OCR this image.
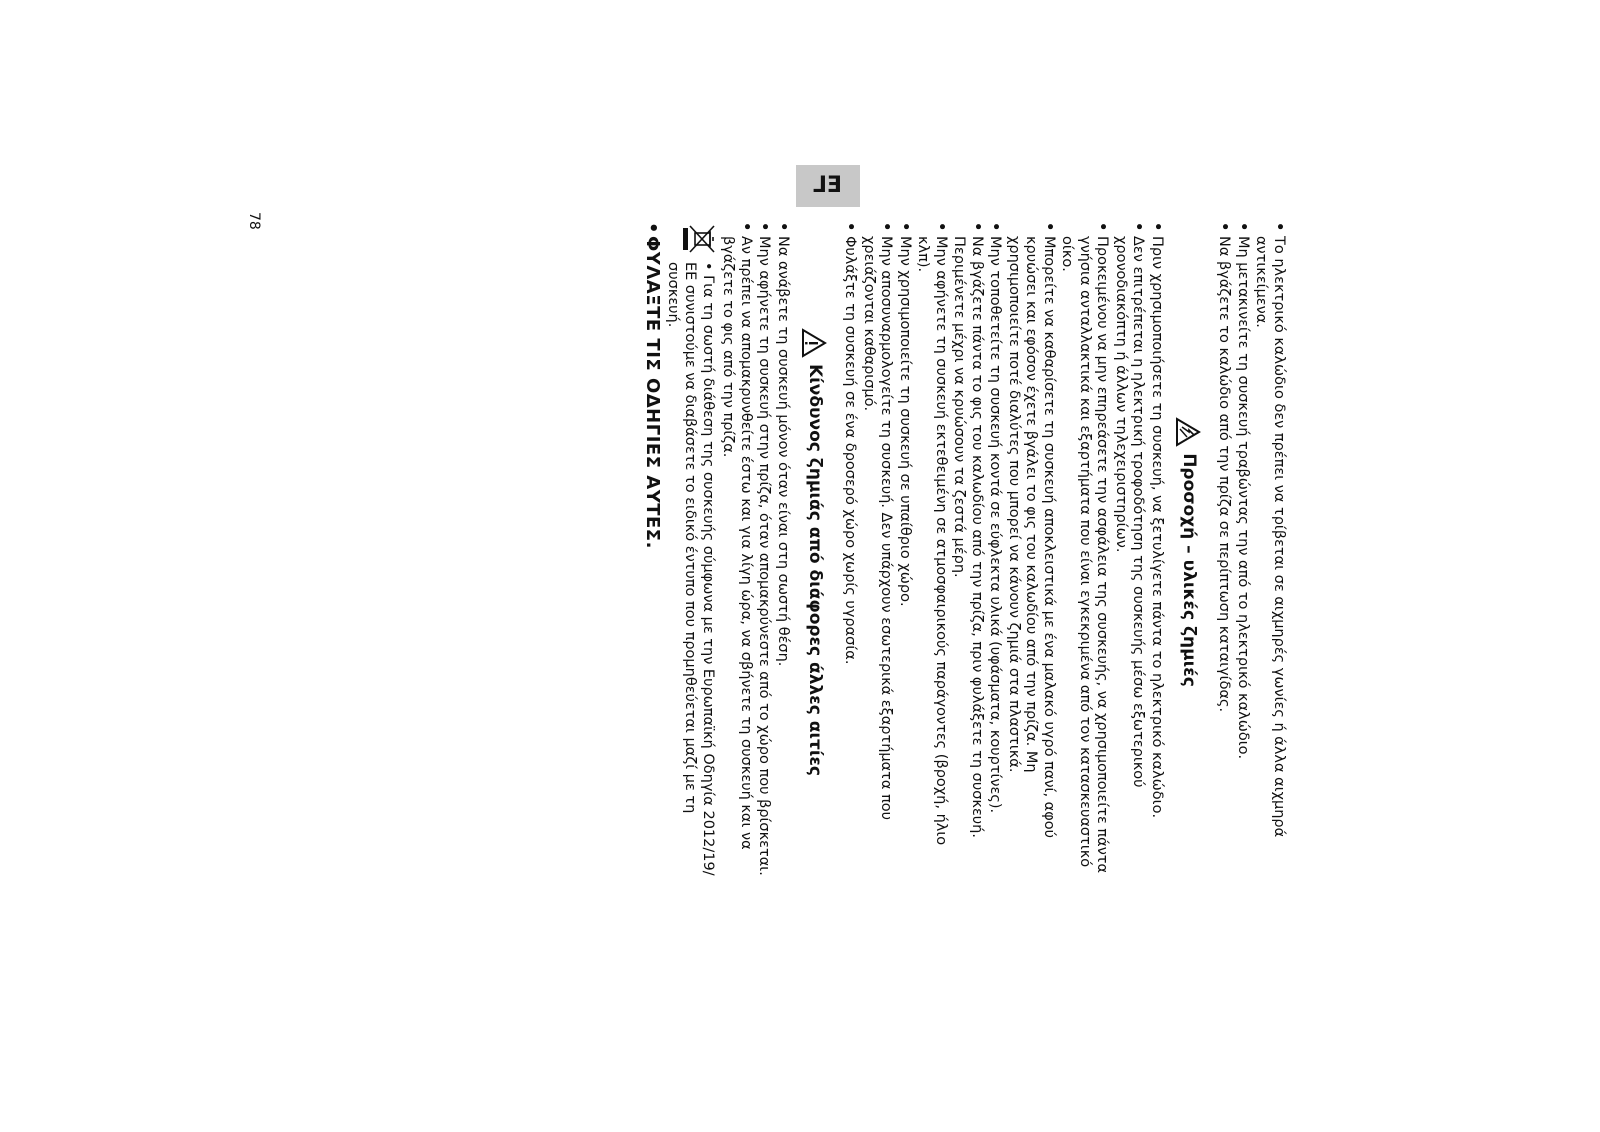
EL
•
Το ηλεκτρικό καλώδιο δεν πρέπει να τρίβεται σε αιχμηρές γωνίες ή άλλα αιχμηρά αντικείμενα.
•
Μη μετακινείτε τη συσκευή τραβώντας την από το ηλεκτρικό καλώδιο.
•
Να βγάζετε το καλώδιο από την πρίζα σε περίπτωση καταιγίδας.
Προσοχή – υλικές ζημιές
•
Πριν χρησιμοποιήσετε τη συσκευή, να ξετυλίγετε πάντα το ηλεκτρικό καλώδιο.
•
Δεν επιτρέπεται η ηλεκτρική τροφοδότηση της συσκευής μέσω εξωτερικού χρονοδιακόπτη ή άλλων τηλεχειριστηρίων.
•
Προκειμένου να μην επηρεάσετε την ασφάλεια της συσκευής, να χρησιμοποιείτε πάντα γνήσια ανταλλακτικά και εξαρτήματα που είναι εγκεκριμένα από τον κατασκευαστικό οίκο.
•
Μπορείτε να καθαρίσετε τη συσκευή αποκλειστικά με ένα μαλακό υγρό πανί, αφού κρυώσει και εφόσον έχετε βγάλει το φις του καλωδίου από την πρίζα. Μη χρησιμοποιείτε ποτέ διαλύτες που μπορεί να κάνουν ζημιά στα πλαστικά.
•
Μην τοποθετείτε τη συσκευή κοντά σε εύφλεκτα υλικά (υφάσματα, κουρτίνες).
•
Να βγάζετε πάντα το φις του καλωδίου από την πρίζα, πριν φυλάξετε τη συσκευή. Περιμένετε μέχρι να κρυώσουν τα ζεστά μέρη.
•
Μην αφήνετε τη συσκευή εκτεθειμένη σε ατμοσφαιρικούς παράγοντες (βροχή, ήλιο κλπ).
•
Μην χρησιμοποιείτε τη συσκευή σε υπαίθριο χώρο.
•
Μην αποσυναρμολογείτε τη συσκευή. Δεν υπάρχουν εσωτερικά εξαρτήματα που χρειάζονται καθαρισμό.
•
Φυλάξτε τη συσκευή σε ένα δροσερό χώρο χωρίς υγρασία.
Κίνδυνος ζημιάς από διάφορες άλλες αιτίες
•
Να ανάβετε τη συσκευή μόνον όταν είναι στη σωστή θέση.
•
Μην αφήνετε τη συσκευή στην πρίζα, όταν απομακρύνεστε από το χώρο που βρίσκεται.
•
Αν πρέπει να απομακρυνθείτε έστω και για λίγη ώρα, να σβήνετε τη συσκευή και να βγάζετε το φις από την πρίζα.
• Για τη σωστή διάθεση της συσκευής σύμφωνα με την Ευρωπαϊκή Οδηγία 2012/19/ΕΕ συνιστούμε να διαβάσετε το ειδικό έντυπο που προμηθεύεται μαζί με τη συσκευή.
•
ΦΥΛΑΞΤΕ ΤΙΣ ΟΔΗΓΙΕΣ ΑΥΤΕΣ.
78
